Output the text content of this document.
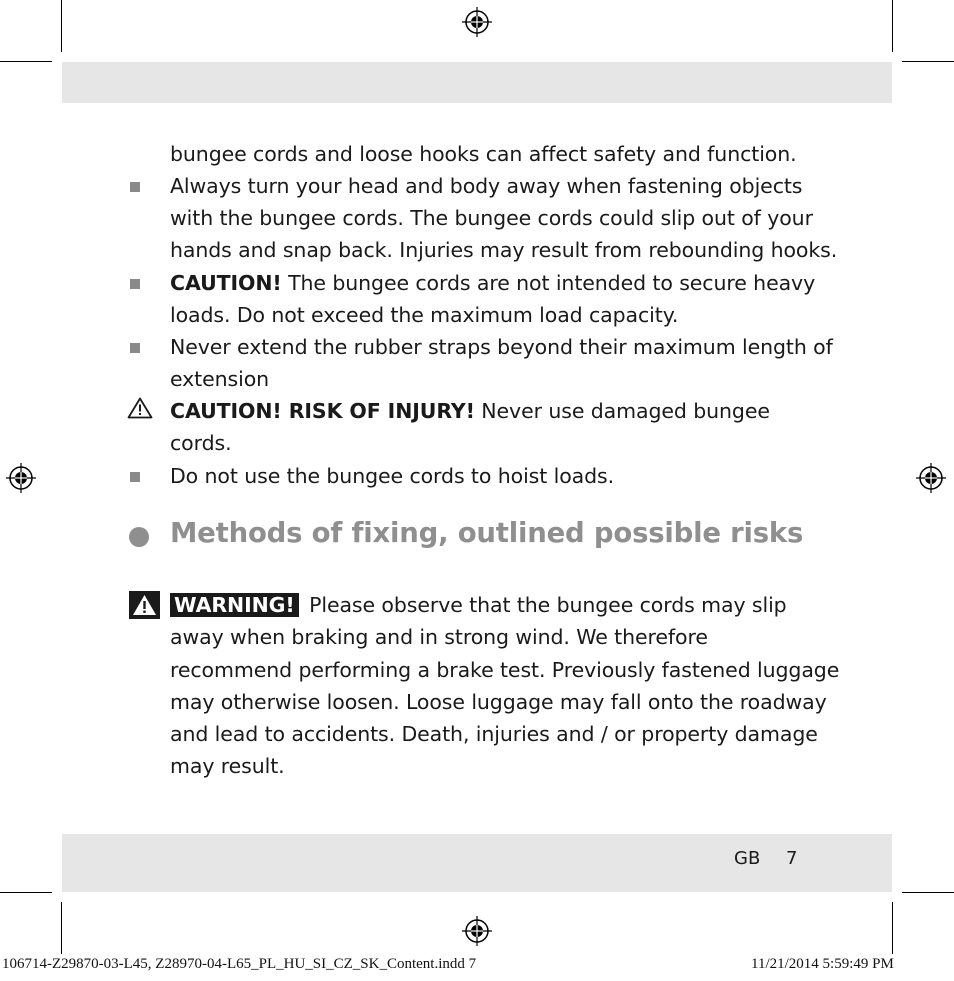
bungee cords and loose hooks can affect safety and function.
Always turn your head and body away when fastening objects
with the bungee cords. The bungee cords could slip out of your
hands and snap back. Injuries may result from rebounding hooks.
CAUTION! The bungee cords are not intended to secure heavy
loads. Do not exceed the maximum load capacity.
Never extend the rubber straps beyond their maximum length of
extension
CAUTION! RISK OF INJURY! Never use damaged bungee
cords.
Do not use the bungee cords to hoist loads.
Methods of fixing, outlined possible risks
WARNING! Please observe that the bungee cords may slip
away when braking and in strong wind. We therefore
recommend performing a brake test. Previously fastened luggage
may otherwise loosen. Loose luggage may fall onto the roadway
and lead to accidents. Death, injuries and / or property damage
may result.
GB 7
106714-Z29870-03-L45, Z28970-04-L65_PL_HU_SI_CZ_SK_Content.indd 7	11/21/2014 5:59:49 PM
